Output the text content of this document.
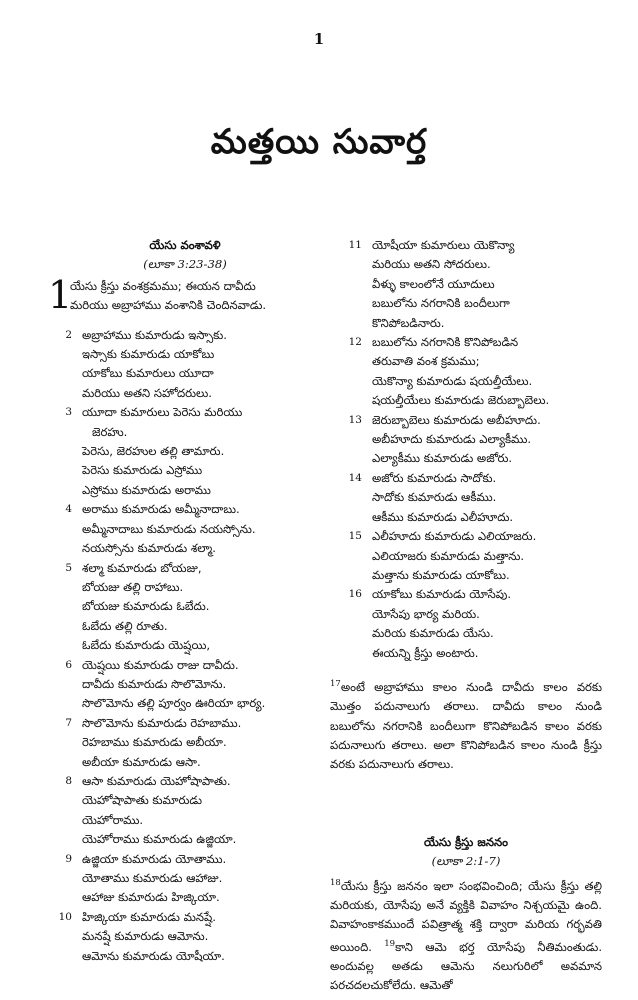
1
మత్తయి సువార్త

యేసు వంశావళి

(లూకా 3:23-38)

1

యేసు క్రీస్తు వంశక్రమము; ఈయన దావీదు
మరియు అబ్రాహాము వంశానికి చెందినవాడు.

2 అబ్రాహాము కుమారుడు ఇస్సాకు.
ఇస్సాకు కుమారుడు యాకోబు
యాకోబు కుమారులు యూదా
మరియు అతని సహోదరులు.
3 యూదా కుమారులు పెరెసు మరియు
జెరహు.
పెరెసు, జెరహుల తల్లి తామారు.
పెరెసు కుమారుడు ఎస్రోము
ఎస్రోము కుమారుడు అరాము
4 అరాము కుమారుడు అమ్మీనాదాబు.
అమ్మీనాదాబు కుమారుడు నయస్సోను.
నయస్సోను కుమారుడు శల్మా.
5 శల్మా కుమారుడు బోయజు,
బోయజు తల్లి రాహాబు.
బోయజు కుమారుడు ఓబేదు.
ఓబేదు తల్లి రూతు.
ఓబేదు కుమారుడు యెష్షయి,
6 యెష్షయి కుమారుడు రాజు దావీదు.
దావీదు కుమారుడు సొలొమోను.
సొలొమోను తల్లి పూర్వం ఊరియా భార్య.
7 సొలొమోను కుమారుడు రెహబాము.
రెహబాము కుమారుడు అబీయా.
అబీయా కుమారుడు ఆసా.
8 ఆసా కుమారుడు యెహోషాపాతు.
యెహోషాపాతు కుమారుడు
యెహోరాము.
యెహోరాము కుమారుడు ఉజ్జియా.
9 ఉజ్జియా కుమారుడు యోతాము.
యోతాము కుమారుడు ఆహాజు.
ఆహాజు కుమారుడు హిజ్కియా.
10 హిజ్కియా కుమారుడు మనష్షే.
మనష్షే కుమారుడు ఆమోను.
ఆమోను కుమారుడు యోషీయా.
11 యోషీయా కుమారులు యెకొన్యా
మరియు అతని సోదరులు.
వీళ్ళు కాలంలోనే యూదులు
బబులోను నగరానికి బందీలుగా
కొనిపోబడినారు.
12 బబులోను నగరానికి కొనిపోబడిన
తరువాతి వంశ క్రమము;
యెకొన్యా కుమారుడు షయల్తీయేలు.
షయల్తీయేలు కుమారుడు జెరుబ్బాబెలు.
13 జెరుబ్బాబెలు కుమారుడు అబీహూదు.
అబీహూదు కుమారుడు ఎల్యాకీము.
ఎల్యాకీము కుమారుడు అజోరు.
14 అజోరు కుమారుడు సాదోకు.
సాదోకు కుమారుడు ఆకీము.
ఆకీము కుమారుడు ఎలీహూదు.
15 ఎలీహూదు కుమారుడు ఎలియాజరు.
ఎలియాజరు కుమారుడు మత్తాను.
మత్తాను కుమారుడు యాకోబు.
16 యాకోబు కుమారుడు యోసేపు.
యోసేపు భార్య మరియ.
మరియ కుమారుడు యేసు.
ఈయన్ని క్రీస్తు అంటారు.

$^{17}$అంటే అబ్రాహాము కాలం నుండి దావీదు కాలం వరకు మొత్తం పదునాలుగు తరాలు. దావీదు కాలం నుండి బబులోను నగరానికి బందీలుగా కొనిపోబడిన కాలం వరకు పదునాలుగు తరాలు. అలా కొనిపోబడిన కాలం నుండి క్రీస్తు వరకు పదునాలుగు తరాలు.

యేసు క్రీస్తు జననం

(లూకా 2:1-7)

$^{18}$యేసు క్రీస్తు జననం ఇలా సంభవించింది; యేసు క్రీస్తు తల్లి మరియకు, యోసేపు అనే వ్యక్తికి వివాహం నిశ్చయమై ఉంది. వివాహంకాకముందే పవిత్రాత్మ శక్తి ద్వారా మరియ గర్భవతి అయింది. $^{19}$కాని ఆమె భర్త యోసేపు నీతిమంతుడు. అందువల్ల అతడు ఆమెను నలుగురిలో అవమాన పరచదలచుకోలేదు. ఆమెతో
